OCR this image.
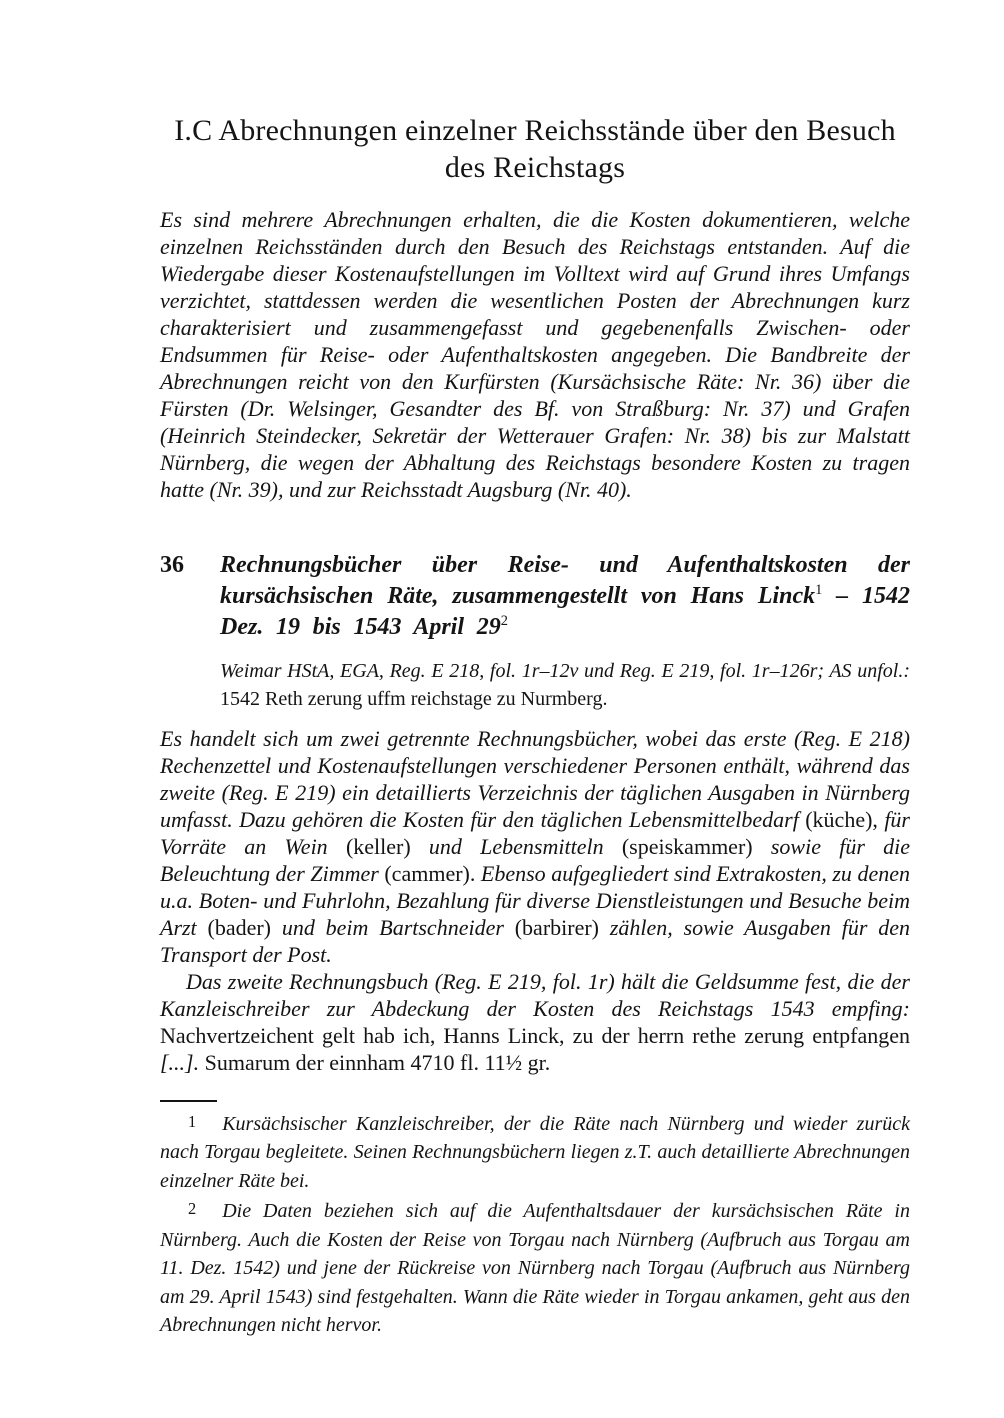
I.C Abrechnungen einzelner Reichsstände über den Besuch des Reichstags

Es sind mehrere Abrechnungen erhalten, die die Kosten dokumentieren, welche einzelnen Reichsständen durch den Besuch des Reichstags entstanden. Auf die Wiedergabe dieser Kostenaufstellungen im Volltext wird auf Grund ihres Umfangs verzichtet, stattdessen werden die wesentlichen Posten der Abrechnungen kurz charakterisiert und zusammengefasst und gegebenenfalls Zwischen- oder Endsummen für Reise- oder Aufenthaltskosten angegeben. Die Bandbreite der Abrechnungen reicht von den Kurfürsten (Kursächsische Räte: Nr. 36) über die Fürsten (Dr. Welsinger, Gesandter des Bf. von Straßburg: Nr. 37) und Grafen (Heinrich Steindecker, Sekretär der Wetterauer Grafen: Nr. 38) bis zur Malstatt Nürnberg, die wegen der Abhaltung des Reichstags besondere Kosten zu tragen hatte (Nr. 39), und zur Reichsstadt Augsburg (Nr. 40).

36	Rechnungsbücher über Reise- und Aufenthaltskosten der kursächsischen Räte, zusammengestellt von Hans Linck$^1$ – 1542 Dez. 19 bis 1543 April $29^2$

Weimar HStA, EGA, Reg. E 218, fol. 1r–12v und Reg. E 219, fol. 1r–126r; AS unfol.: 1542 Reth zerung uffm reichstage zu Nurmberg.

Es handelt sich um zwei getrennte Rechnungsbücher, wobei das erste (Reg. E 218) Rechenzettel und Kostenaufstellungen verschiedener Personen enthält, während das zweite (Reg. E 219) ein detaillierts Verzeichnis der täglichen Ausgaben in Nürnberg umfasst. Dazu gehören die Kosten für den täglichen Lebensmittelbedarf (küche), für Vorräte an Wein (keller) und Lebensmitteln (speiskammer) sowie für die Beleuchtung der Zimmer (cammer). Ebenso aufgegliedert sind Extrakosten, zu denen u.a. Boten- und Fuhrlohn, Bezahlung für diverse Dienstleistungen und Besuche beim Arzt (bader) und beim Bartschneider (barbirer) zählen, sowie Ausgaben für den Transport der Post.

Das zweite Rechnungsbuch (Reg. E 219, fol. 1r) hält die Geldsumme fest, die der Kanzleischreiber zur Abdeckung der Kosten des Reichstags 1543 empfing: Nachvertzeichent gelt hab ich, Hanns Linck, zu der herrn rethe zerung entpfangen [...]. Sumarum der einnham 4710 fl. 11½ gr.

1 Kursächsischer Kanzleischreiber, der die Räte nach Nürnberg und wieder zurück nach Torgau begleitete. Seinen Rechnungsbüchern liegen z.T. auch detaillierte Abrechnungen einzelner Räte bei.

2 Die Daten beziehen sich auf die Aufenthaltsdauer der kursächsischen Räte in Nürnberg. Auch die Kosten der Reise von Torgau nach Nürnberg (Aufbruch aus Torgau am 11. Dez. 1542) und jene der Rückreise von Nürnberg nach Torgau (Aufbruch aus Nürnberg am 29. April 1543) sind festgehalten. Wann die Räte wieder in Torgau ankamen, geht aus den Abrechnungen nicht hervor.
